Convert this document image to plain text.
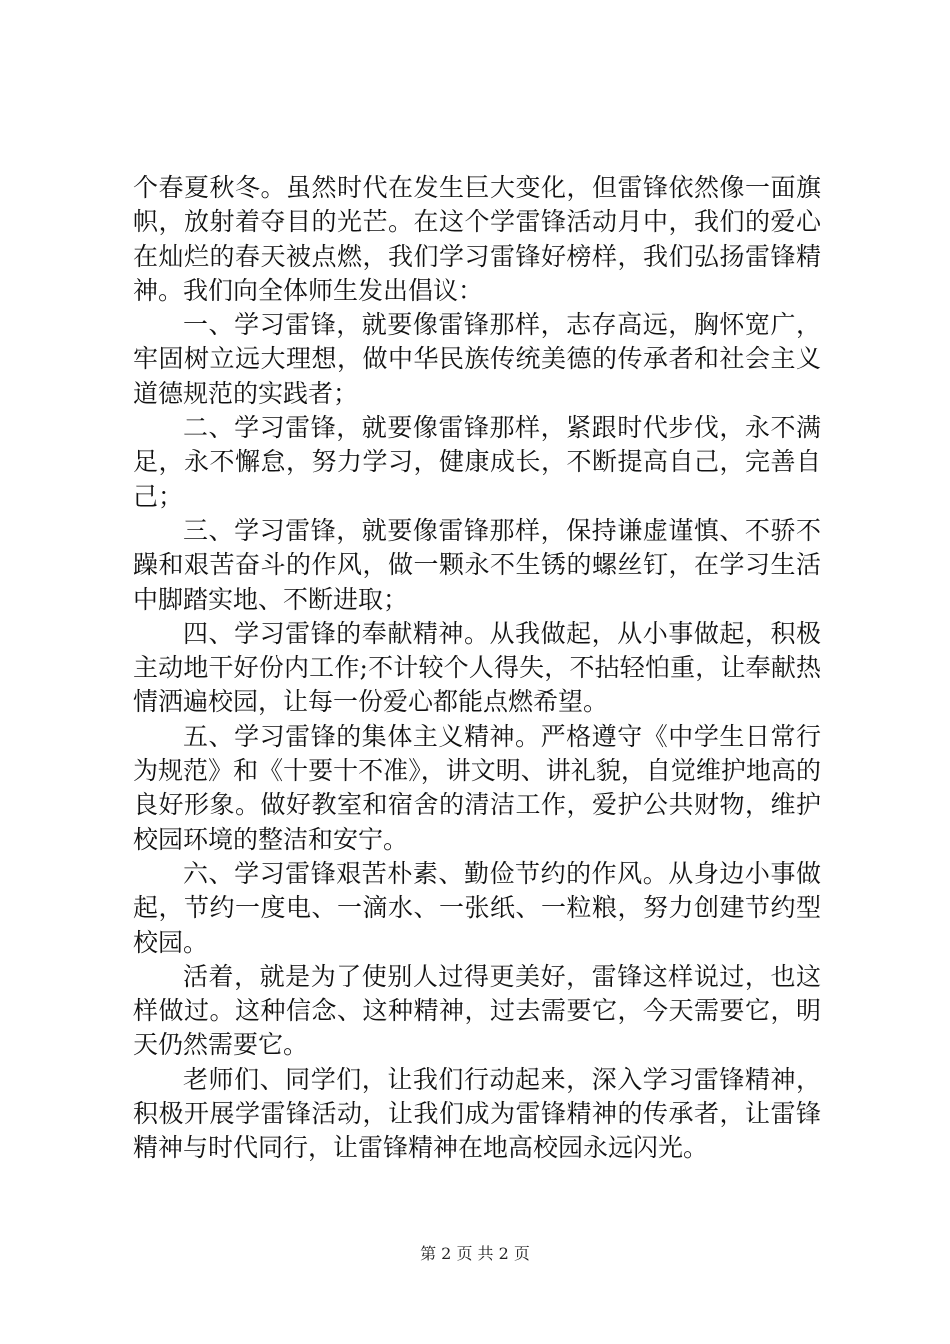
个春夏秋冬。虽然时代在发生巨大变化，但雷锋依然像一面旗帜，放射着夺目的光芒。在这个学雷锋活动月中，我们的爱心在灿烂的春天被点燃，我们学习雷锋好榜样，我们弘扬雷锋精神。我们向全体师生发出倡议：

一、学习雷锋，就要像雷锋那样，志存高远，胸怀宽广，牢固树立远大理想，做中华民族传统美德的传承者和社会主义道德规范的实践者；

二、学习雷锋，就要像雷锋那样，紧跟时代步伐，永不满足，永不懈怠，努力学习，健康成长，不断提高自己，完善自己；

三、学习雷锋，就要像雷锋那样，保持谦虚谨慎、不骄不躁和艰苦奋斗的作风，做一颗永不生锈的螺丝钉，在学习生活中脚踏实地、不断进取；

四、学习雷锋的奉献精神。从我做起，从小事做起，积极主动地干好份内工作;不计较个人得失，不拈轻怕重，让奉献热情洒遍校园，让每一份爱心都能点燃希望。

五、学习雷锋的集体主义精神。严格遵守《中学生日常行为规范》和《十要十不准》，讲文明、讲礼貌，自觉维护地高的良好形象。做好教室和宿舍的清洁工作，爱护公共财物，维护校园环境的整洁和安宁。

六、学习雷锋艰苦朴素、勤俭节约的作风。从身边小事做起，节约一度电、一滴水、一张纸、一粒粮，努力创建节约型校园。

活着，就是为了使别人过得更美好，雷锋这样说过，也这样做过。这种信念、这种精神，过去需要它，今天需要它，明天仍然需要它。

老师们、同学们，让我们行动起来，深入学习雷锋精神，积极开展学雷锋活动，让我们成为雷锋精神的传承者，让雷锋精神与时代同行，让雷锋精神在地高校园永远闪光。

第 2 页 共 2 页
